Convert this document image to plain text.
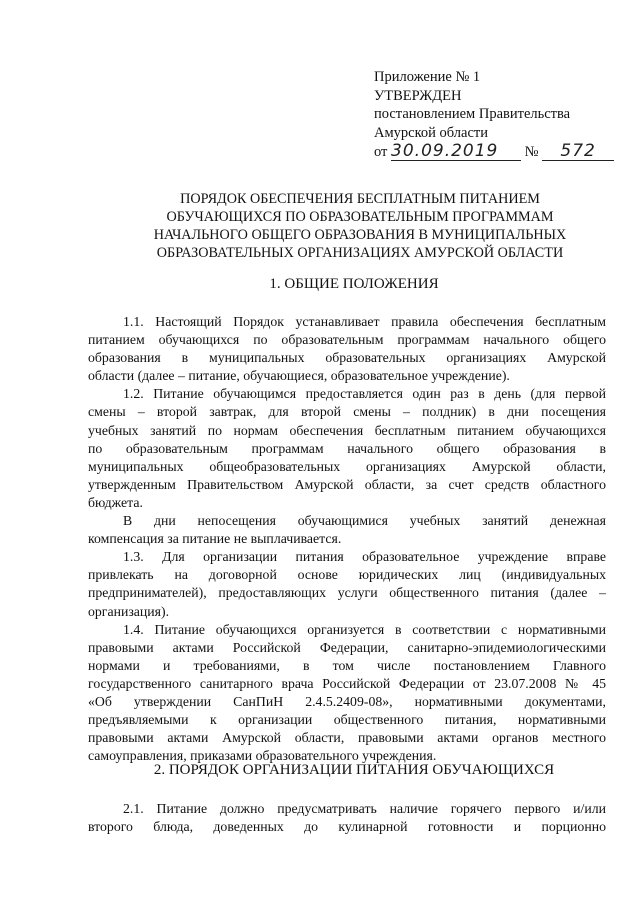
Приложение № 1
УТВЕРЖДЕН
постановлением Правительства
Амурской области
от 30.09.2019 № 572
ПОРЯДОК ОБЕСПЕЧЕНИЯ БЕСПЛАТНЫМ ПИТАНИЕМ
ОБУЧАЮЩИХСЯ ПО ОБРАЗОВАТЕЛЬНЫМ ПРОГРАММАМ
НАЧАЛЬНОГО ОБЩЕГО ОБРАЗОВАНИЯ В МУНИЦИПАЛЬНЫХ
ОБРАЗОВАТЕЛЬНЫХ ОРГАНИЗАЦИЯХ АМУРСКОЙ ОБЛАСТИ
1. ОБЩИЕ ПОЛОЖЕНИЯ
1.1. Настоящий Порядок устанавливает правила обеспечения бесплатным
питанием обучающихся по образовательным программам начального общего
образования в муниципальных образовательных организациях Амурской
области (далее – питание, обучающиеся, образовательное учреждение).
1.2. Питание обучающимся предоставляется один раз в день (для первой
смены – второй завтрак, для второй смены – полдник) в дни посещения
учебных занятий по нормам обеспечения бесплатным питанием обучающихся
по образовательным программам начального общего образования в
муниципальных общеобразовательных организациях Амурской области,
утвержденным Правительством Амурской области, за счет средств областного
бюджета.
В дни непосещения обучающимися учебных занятий денежная
компенсация за питание не выплачивается.
1.3. Для организации питания образовательное учреждение вправе
привлекать на договорной основе юридических лиц (индивидуальных
предпринимателей), предоставляющих услуги общественного питания (далее –
организация).
1.4. Питание обучающихся организуется в соответствии с нормативными
правовыми актами Российской Федерации, санитарно-эпидемиологическими
нормами и требованиями, в том числе постановлением Главного
государственного санитарного врача Российской Федерации от 23.07.2008 № 45
«Об утверждении СанПиН 2.4.5.2409-08», нормативными документами,
предъявляемыми к организации общественного питания, нормативными
правовыми актами Амурской области, правовыми актами органов местного
самоуправления, приказами образовательного учреждения.
2. ПОРЯДОК ОРГАНИЗАЦИИ ПИТАНИЯ ОБУЧАЮЩИХСЯ
2.1. Питание должно предусматривать наличие горячего первого и/или
второго блюда, доведенных до кулинарной готовности и порционно
